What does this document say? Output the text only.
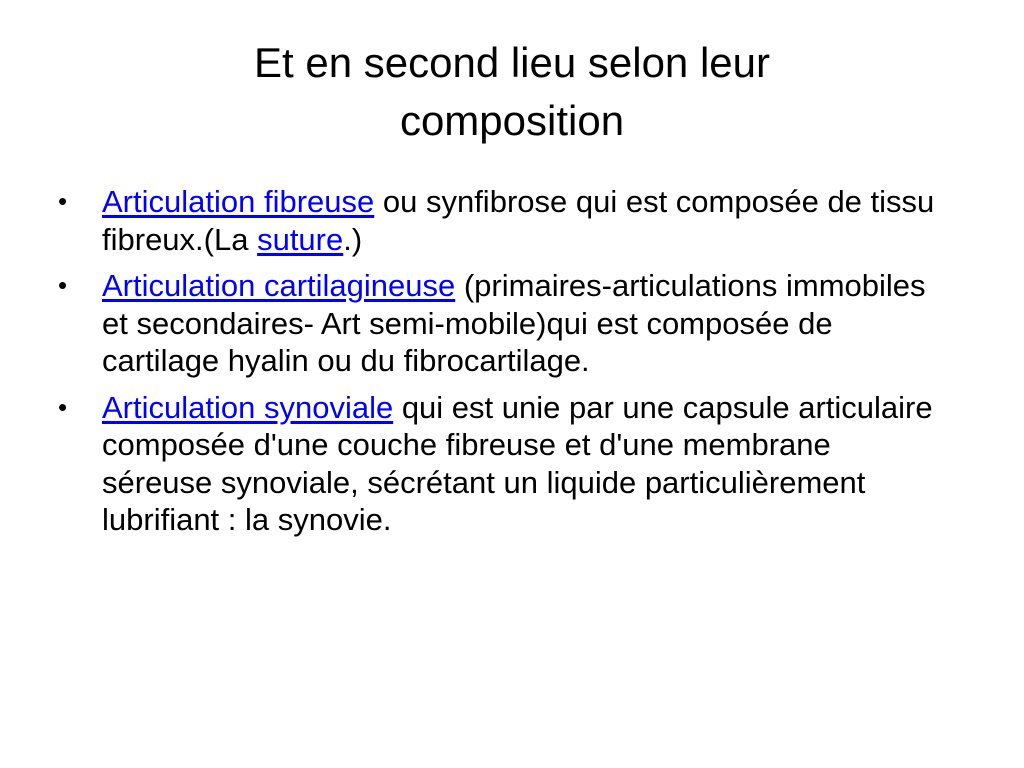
Et en second lieu selon leur
composition
• Articulation fibreuse ou synfibrose qui est composée de tissu fibreux.(La suture.)
• Articulation cartilagineuse (primaires-articulations immobiles et secondaires- Art semi-mobile)qui est composée de cartilage hyalin ou du fibrocartilage.
• Articulation synoviale qui est unie par une capsule articulaire composée d'une couche fibreuse et d'une membrane séreuse synoviale, sécrétant un liquide particulièrement lubrifiant : la synovie.
